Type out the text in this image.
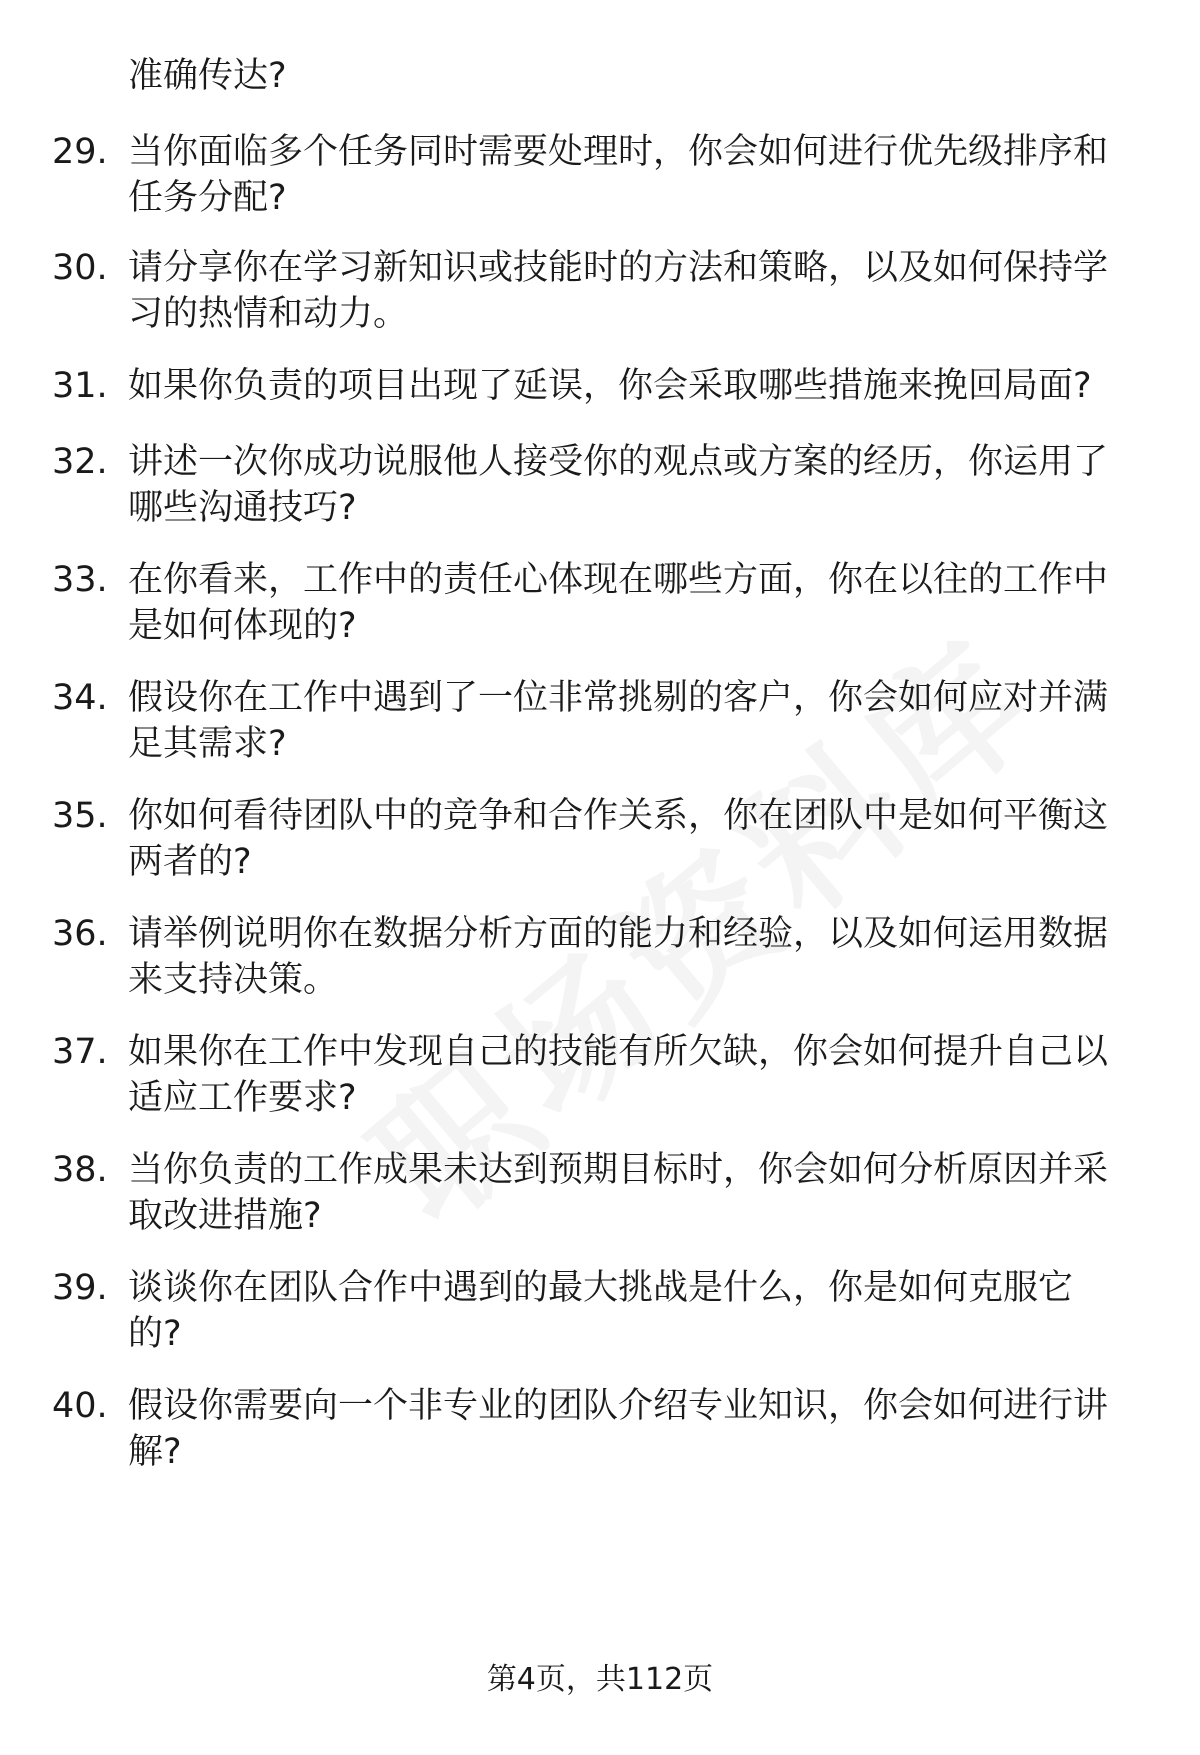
准确传达?
29. 当你面临多个任务同时需要处理时，你会如何进行优先级排序和
任务分配?
30. 请分享你在学习新知识或技能时的方法和策略，以及如何保持学
习的热情和动力。
31. 如果你负责的项目出现了延误，你会采取哪些措施来挽回局面?
32. 讲述一次你成功说服他人接受你的观点或方案的经历，你运用了
哪些沟通技巧?
33. 在你看来，工作中的责任心体现在哪些方面，你在以往的工作中
是如何体现的?
34. 假设你在工作中遇到了一位非常挑剔的客户，你会如何应对并满
足其需求?
35. 你如何看待团队中的竞争和合作关系，你在团队中是如何平衡这
两者的?
36. 请举例说明你在数据分析方面的能力和经验，以及如何运用数据
来支持决策。
37. 如果你在工作中发现自己的技能有所欠缺，你会如何提升自己以
适应工作要求?
38. 当你负责的工作成果未达到预期目标时，你会如何分析原因并采
取改进措施?
39. 谈谈你在团队合作中遇到的最大挑战是什么，你是如何克服它
的?
40. 假设你需要向一个非专业的团队介绍专业知识，你会如何进行讲
解?
第4页，共112页
